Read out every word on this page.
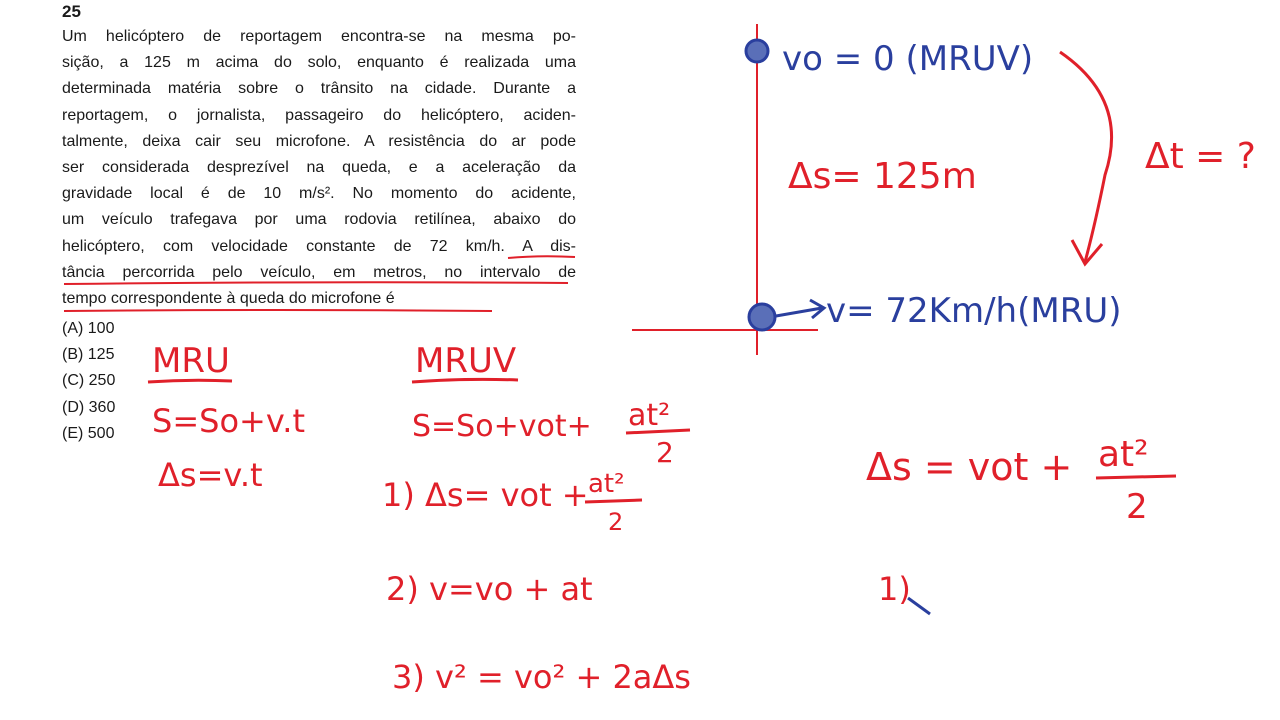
25
Um helicóptero de reportagem encontra-se na mesma po-
sição, a 125 m acima do solo, enquanto é realizada uma
determinada matéria sobre o trânsito na cidade. Durante a
reportagem, o jornalista, passageiro do helicóptero, aciden-
talmente, deixa cair seu microfone. A resistência do ar pode
ser considerada desprezível na queda, e a aceleração da
gravidade local é de 10 m/s². No momento do acidente,
um veículo trafegava por uma rodovia retilínea, abaixo do
helicóptero, com velocidade constante de 72 km/h. A dis-
tância percorrida pelo veículo, em metros, no intervalo de
tempo correspondente à queda do microfone é
(A) 100
(B) 125
(C) 250
(D) 360
(E) 500
MRU
S=So+v.t
Δs=v.t
MRUV
S=So+vot+ at²
2
1) Δs= vot + at²
2
2) v=vo + at
3) v² = vo² + 2aΔs
vo = 0 (MRUV)
v= 72Km/h(MRU)
Δs= 125m	Δt = ?
Δs = vot + at²
2
1)
